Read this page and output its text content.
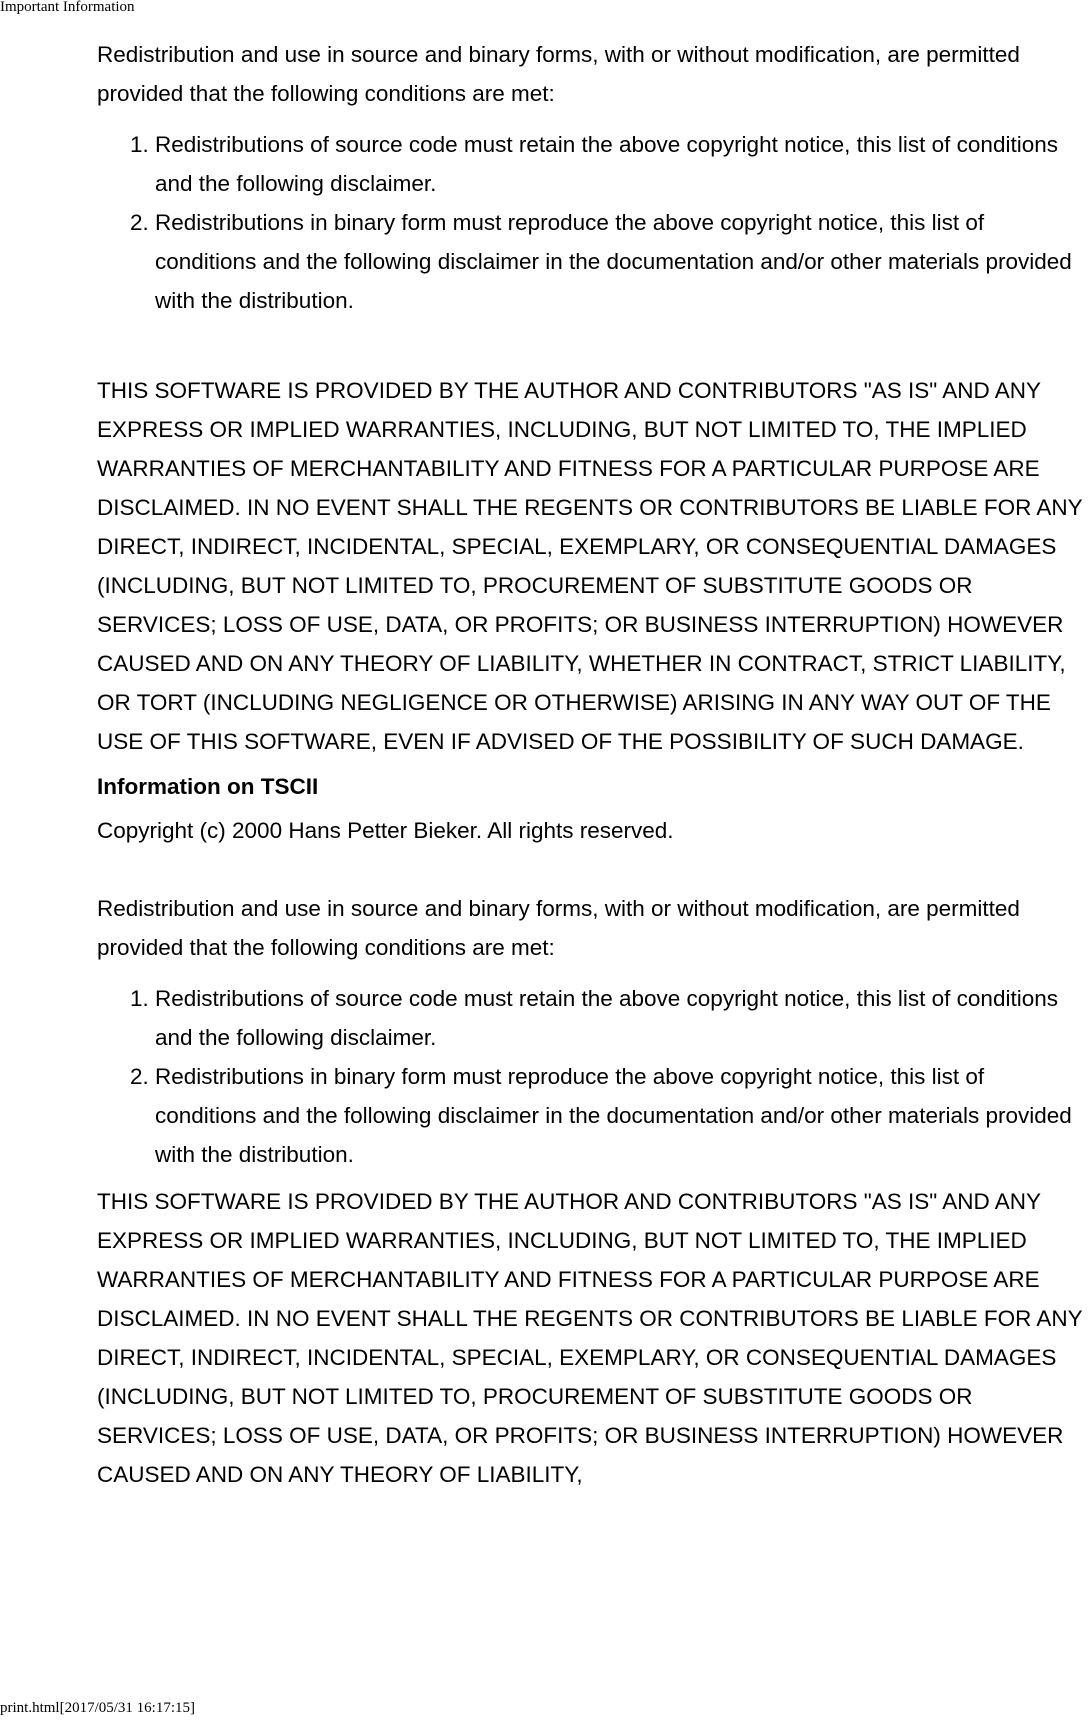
Important Information

Redistribution and use in source and binary forms, with or without modification, are permitted provided that the following conditions are met:

1. Redistributions of source code must retain the above copyright notice, this list of conditions and the following disclaimer.
2. Redistributions in binary form must reproduce the above copyright notice, this list of conditions and the following disclaimer in the documentation and/or other materials provided with the distribution.

THIS SOFTWARE IS PROVIDED BY THE AUTHOR AND CONTRIBUTORS "AS IS" AND ANY EXPRESS OR IMPLIED WARRANTIES, INCLUDING, BUT NOT LIMITED TO, THE IMPLIED WARRANTIES OF MERCHANTABILITY AND FITNESS FOR A PARTICULAR PURPOSE ARE DISCLAIMED. IN NO EVENT SHALL THE REGENTS OR CONTRIBUTORS BE LIABLE FOR ANY DIRECT, INDIRECT, INCIDENTAL, SPECIAL, EXEMPLARY, OR CONSEQUENTIAL DAMAGES (INCLUDING, BUT NOT LIMITED TO, PROCUREMENT OF SUBSTITUTE GOODS OR SERVICES; LOSS OF USE, DATA, OR PROFITS; OR BUSINESS INTERRUPTION) HOWEVER CAUSED AND ON ANY THEORY OF LIABILITY, WHETHER IN CONTRACT, STRICT LIABILITY, OR TORT (INCLUDING NEGLIGENCE OR OTHERWISE) ARISING IN ANY WAY OUT OF THE USE OF THIS SOFTWARE, EVEN IF ADVISED OF THE POSSIBILITY OF SUCH DAMAGE.

Information on TSCII

Copyright (c) 2000 Hans Petter Bieker. All rights reserved.

Redistribution and use in source and binary forms, with or without modification, are permitted provided that the following conditions are met:

1. Redistributions of source code must retain the above copyright notice, this list of conditions and the following disclaimer.
2. Redistributions in binary form must reproduce the above copyright notice, this list of conditions and the following disclaimer in the documentation and/or other materials provided with the distribution.

THIS SOFTWARE IS PROVIDED BY THE AUTHOR AND CONTRIBUTORS "AS IS" AND ANY EXPRESS OR IMPLIED WARRANTIES, INCLUDING, BUT NOT LIMITED TO, THE IMPLIED WARRANTIES OF MERCHANTABILITY AND FITNESS FOR A PARTICULAR PURPOSE ARE DISCLAIMED. IN NO EVENT SHALL THE REGENTS OR CONTRIBUTORS BE LIABLE FOR ANY DIRECT, INDIRECT, INCIDENTAL, SPECIAL, EXEMPLARY, OR CONSEQUENTIAL DAMAGES (INCLUDING, BUT NOT LIMITED TO, PROCUREMENT OF SUBSTITUTE GOODS OR SERVICES; LOSS OF USE, DATA, OR PROFITS; OR BUSINESS INTERRUPTION) HOWEVER CAUSED AND ON ANY THEORY OF LIABILITY,

print.html[2017/05/31 16:17:15]
